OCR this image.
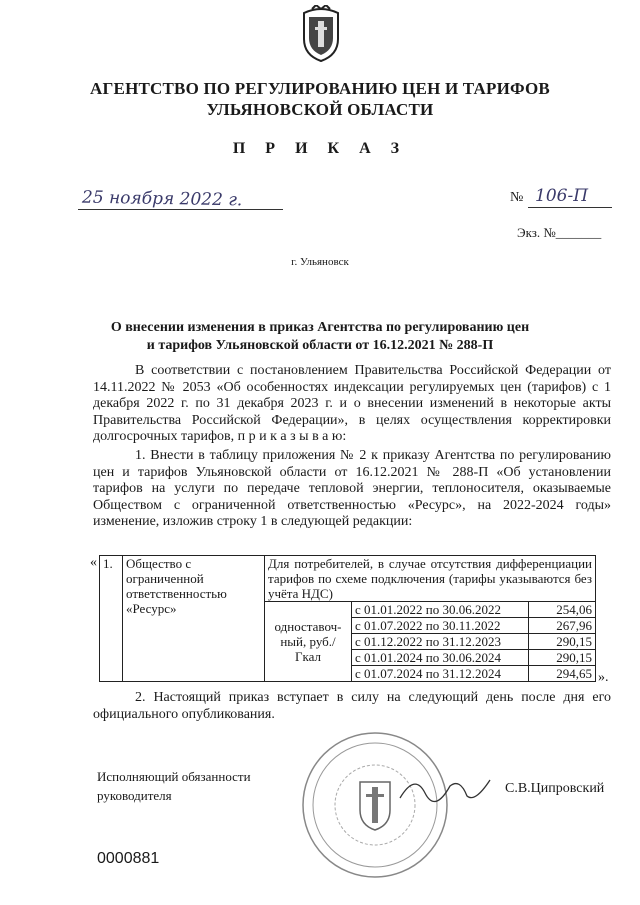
АГЕНТСТВО ПО РЕГУЛИРОВАНИЮ ЦЕН И ТАРИФОВ
УЛЬЯНОВСКОЙ ОБЛАСТИ
П Р И К А З
25 ноября 2022 г.	№ 106-П
Экз. №_______
г. Ульяновск
О внесении изменения в приказ Агентства по регулированию цен
и тарифов Ульяновской области от 16.12.2021 № 288-П
В соответствии с постановлением Правительства Российской Федерации от 14.11.2022 № 2053 «Об особенностях индексации регулируемых цен (тарифов) с 1 декабря 2022 г. по 31 декабря 2023 г. и о внесении изменений в некоторые акты Правительства Российской Федерации», в целях осуществления корректировки долгосрочных тарифов, п р и к а з ы в а ю:
1. Внести в таблицу приложения № 2 к приказу Агентства по регулированию цен и тарифов Ульяновской области от 16.12.2021 № 288-П «Об установлении тарифов на услуги по передаче тепловой энергии, теплоносителя, оказываемые Обществом с ограниченной ответственностью «Ресурс», на 2022-2024 годы» изменение, изложив строку 1 в следующей редакции:
« 1.	Общество с ограниченной ответственностью «Ресурс»	Для потребителей, в случае отсутствия дифференциации тарифов по схеме подключения (тарифы указываются без учёта НДС)		
		одноставоч-ный, руб./Гкал	с 01.01.2022 по 30.06.2022	254,06
			с 01.07.2022 по 30.11.2022	267,96
			с 01.12.2022 по 31.12.2023	290,15
			с 01.01.2024 по 30.06.2024	290,15
			с 01.07.2024 по 31.12.2024	294,65 ».
2. Настоящий приказ вступает в силу на следующий день после дня его официального опубликования.
Исполняющий обязанности
руководителя	С.В.Ципровский
0000881
